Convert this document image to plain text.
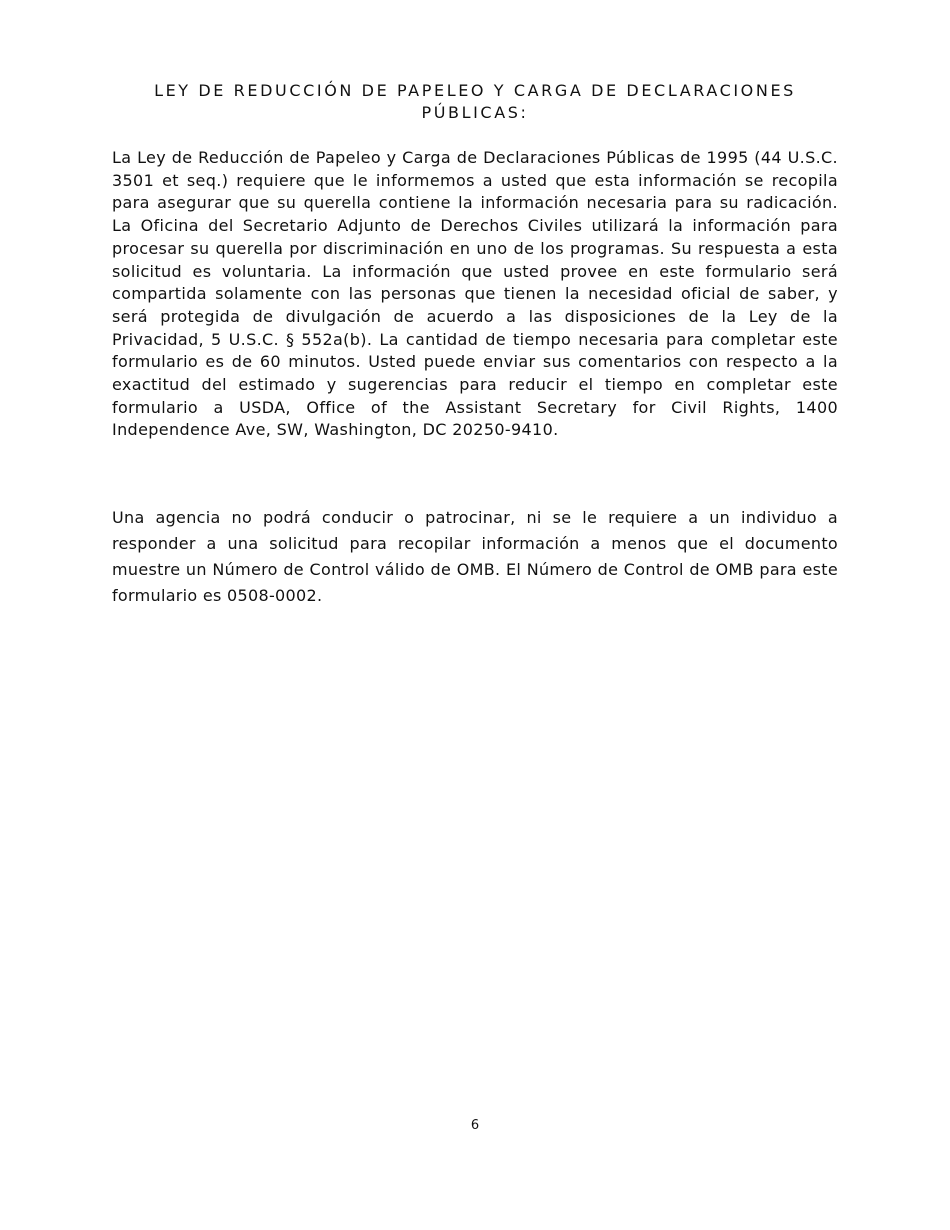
LEY DE REDUCCIÓN DE PAPELEO Y CARGA DE DECLARACIONES PÚBLICAS:

La Ley de Reducción de Papeleo y Carga de Declaraciones Públicas de 1995 (44 U.S.C. 3501 et seq.) requiere que le informemos a usted que esta información se recopila para asegurar que su querella contiene la información necesaria para su radicación. La Oficina del Secretario Adjunto de Derechos Civiles utilizará la información para procesar su querella por discriminación en uno de los programas. Su respuesta a esta solicitud es voluntaria. La información que usted provee en este formulario será compartida solamente con las personas que tienen la necesidad oficial de saber, y será protegida de divulgación de acuerdo a las disposiciones de la Ley de la Privacidad, 5 U.S.C. § 552a(b). La cantidad de tiempo necesaria para completar este formulario es de 60 minutos. Usted puede enviar sus comentarios con respecto a la exactitud del estimado y sugerencias para reducir el tiempo en completar este formulario a USDA, Office of the Assistant Secretary for Civil Rights, 1400 Independence Ave, SW, Washington, DC 20250-9410.

Una agencia no podrá conducir o patrocinar, ni se le requiere a un individuo a responder a una solicitud para recopilar información a menos que el documento muestre un Número de Control válido de OMB. El Número de Control de OMB para este formulario es 0508-0002.

6
